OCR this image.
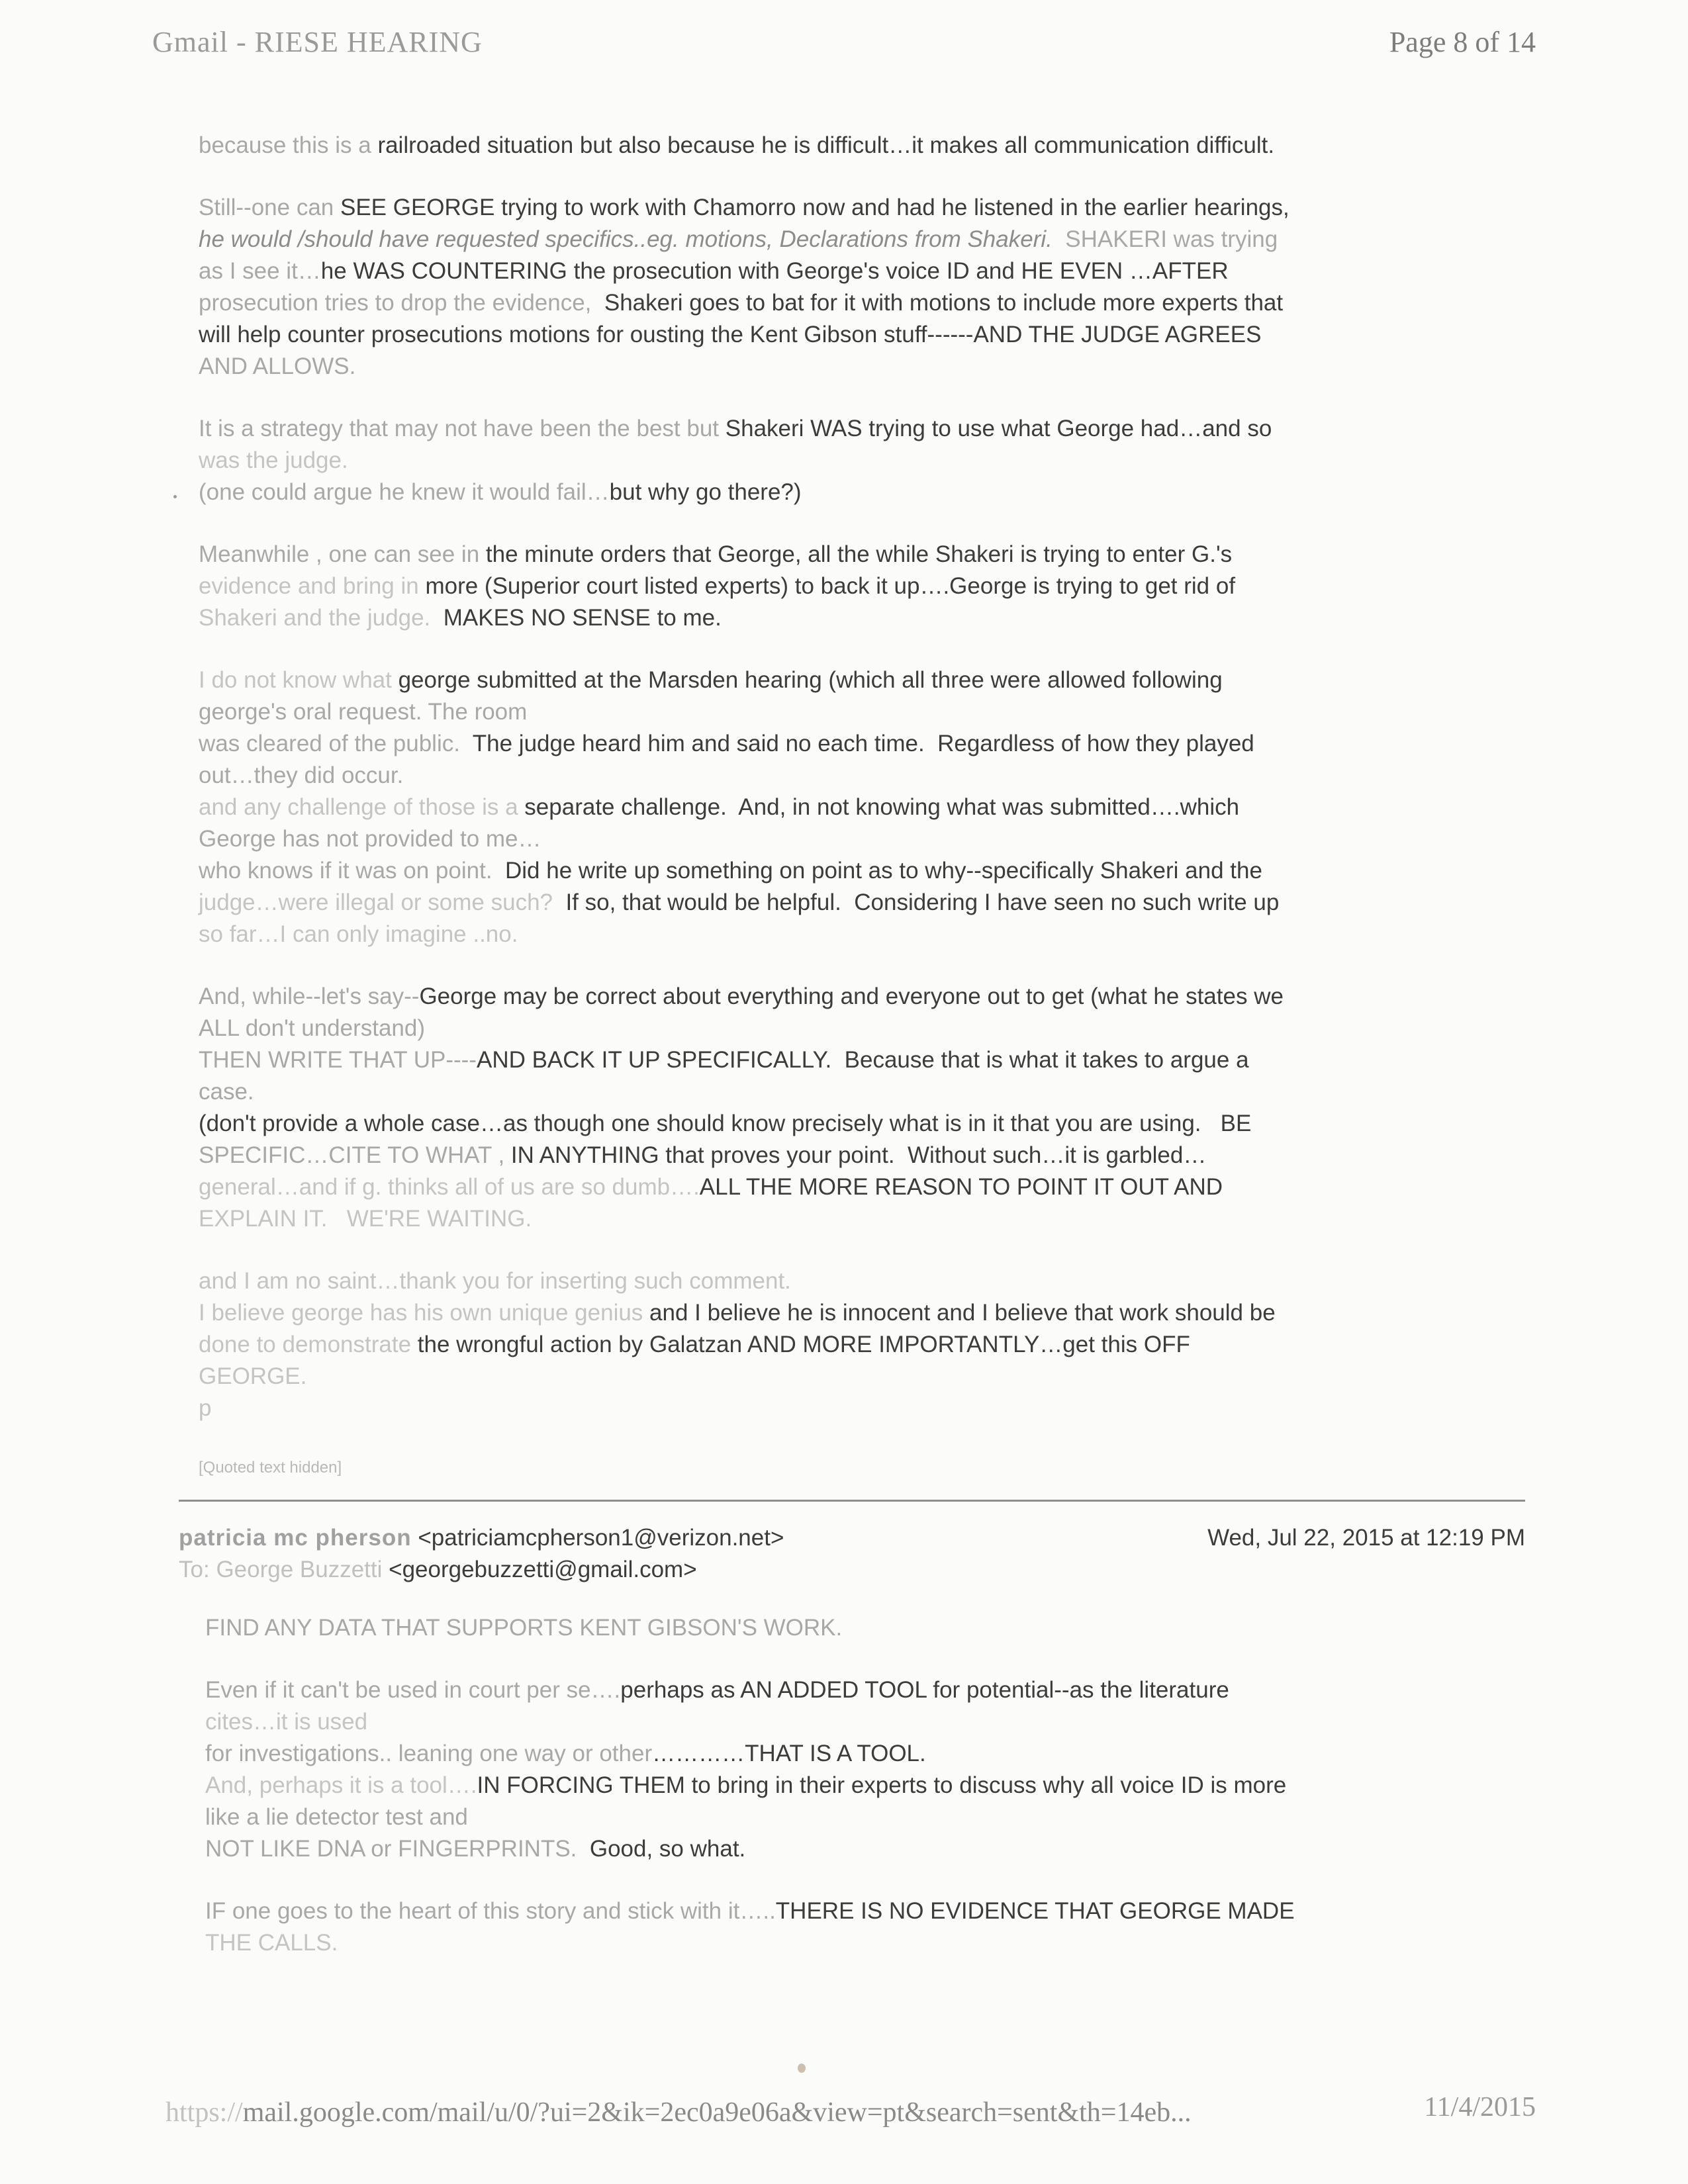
Gmail - RIESE HEARING	Page 8 of 14
because this is a railroaded situation but also because he is difficult…it makes all communication difficult.
Still--one can SEE GEORGE trying to work with Chamorro now and had he listened in the earlier hearings,
he would /should have requested specifics..eg. motions, Declarations from Shakeri.  SHAKERI was trying
as I see it…he WAS COUNTERING the prosecution with George's voice ID and HE EVEN …AFTER
prosecution tries to drop the evidence,  Shakeri goes to bat for it with motions to include more experts that
will help counter prosecutions motions for ousting the Kent Gibson stuff------AND THE JUDGE AGREES
AND ALLOWS.
It is a strategy that may not have been the best but Shakeri WAS trying to use what George had…and so
was the judge.
(one could argue he knew it would fail…but why go there?)
Meanwhile , one can see in the minute orders that George, all the while Shakeri is trying to enter G.'s
evidence and bring in more (Superior court listed experts) to back it up….George is trying to get rid of
Shakeri and the judge.  MAKES NO SENSE to me.
I do not know what george submitted at the Marsden hearing (which all three were allowed following
george's oral request. The room
was cleared of the public.  The judge heard him and said no each time.  Regardless of how they played
out…they did occur.
and any challenge of those is a separate challenge.  And, in not knowing what was submitted….which
George has not provided to me…
who knows if it was on point.  Did he write up something on point as to why--specifically Shakeri and the
judge…were illegal or some such?  If so, that would be helpful.  Considering I have seen no such write up
so far…I can only imagine ..no.
And, while--let's say--George may be correct about everything and everyone out to get (what he states we
ALL don't understand)
THEN WRITE THAT UP----AND BACK IT UP SPECIFICALLY.  Because that is what it takes to argue a
case.
(don't provide a whole case…as though one should know precisely what is in it that you are using.   BE
SPECIFIC…CITE TO WHAT , IN ANYTHING that proves your point.  Without such…it is garbled…
general…and if g. thinks all of us are so dumb….ALL THE MORE REASON TO POINT IT OUT AND
EXPLAIN IT.   WE'RE WAITING.
and I am no saint…thank you for inserting such comment.
I believe george has his own unique genius and I believe he is innocent and I believe that work should be
done to demonstrate the wrongful action by Galatzan AND MORE IMPORTANTLY…get this OFF
GEORGE.
p
[Quoted text hidden]
patricia mc pherson <patriciamcpherson1@verizon.net>	Wed, Jul 22, 2015 at 12:19 PM
To: George Buzzetti <georgebuzzetti@gmail.com>
FIND ANY DATA THAT SUPPORTS KENT GIBSON'S WORK.
Even if it can't be used in court per se….perhaps as AN ADDED TOOL for potential--as the literature
cites…it is used
for investigations.. leaning one way or other…………THAT IS A TOOL.
And, perhaps it is a tool….IN FORCING THEM to bring in their experts to discuss why all voice ID is more
like a lie detector test and
NOT LIKE DNA or FINGERPRINTS.  Good, so what.
IF one goes to the heart of this story and stick with it…..THERE IS NO EVIDENCE THAT GEORGE MADE
THE CALLS.
https://mail.google.com/mail/u/0/?ui=2&ik=2ec0a9e06a&view=pt&search=sent&th=14eb...	11/4/2015
